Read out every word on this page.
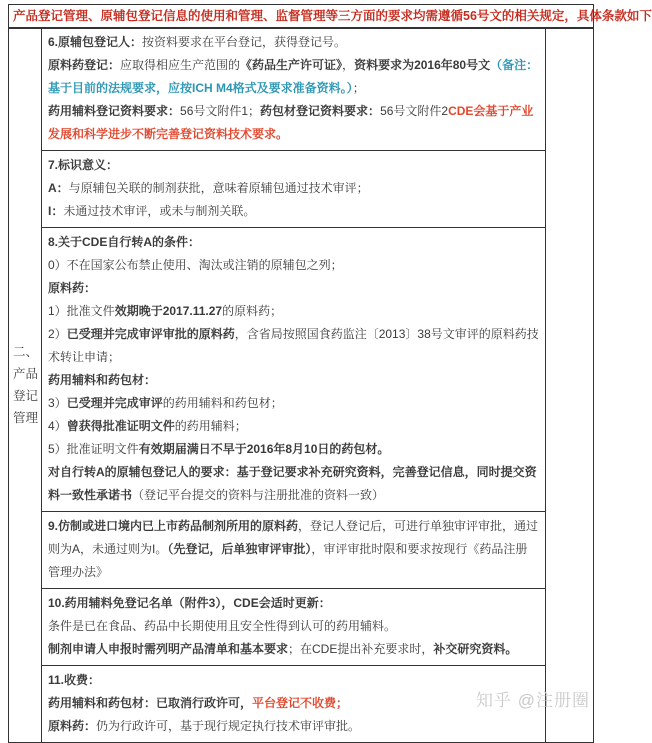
产品登记管理、原辅包登记信息的使用和管理、监督管理等三方面的要求均需遵循56号文的相关规定，具体条款如下
二 、
产 品
登 记
管 理

6.原辅包登记人：按资料要求在平台登记，获得登记号。

原料药登记：应取得相应生产范围的《药品生产许可证》，资料要求为2016年80号文（备注：基于目前的法规要求，应按ICH M4格式及要求准备资料。）；

药用辅料登记资料要求：56号文附件1；药包材登记资料要求：56号文附件2CDE会基于产业发展和科学进步不断完善登记资料技术要求。

7.标识意义：

A：与原辅包关联的制剂获批，意味着原辅包通过技术审评；

I：未通过技术审评，或未与制剂关联。

8.关于CDE自行转A的条件：

0）不在国家公布禁止使用、淘汰或注销的原辅包之列；

原料药：

1）批准文件效期晚于2017.11.27的原料药；

2）已受理并完成审评审批的原料药，含省局按照国食药监注〔2013〕38号文审评的原料药技术转让申请；

药用辅料和药包材：

3）已受理并完成审评的药用辅料和药包材；

4）曾获得批准证明文件的药用辅料；

5）批准证明文件有效期届满日不早于2016年8月10日的药包材。

对自行转A的原辅包登记人的要求：基于登记要求补充研究资料，完善登记信息，同时提交资料一致性承诺书（登记平台提交的资料与注册批准的资料一致）

9.仿制或进口境内已上市药品制剂所用的原料药，登记人登记后，可进行单独审评审批，通过则为A，未通过则为I。（先登记，后单独审评审批），审评审批时限和要求按现行《药品注册管理办法》

10.药用辅料免登记名单（附件3），CDE会适时更新：

条件是已在食品、药品中长期使用且安全性得到认可的药用辅料。

制剂申请人申报时需列明产品清单和基本要求；在CDE提出补充要求时，补交研究资料。

11.收费：

药用辅料和药包材：已取消行政许可，平台登记不收费；

原料药：仍为行政许可，基于现行规定执行技术审评审批。

知乎 @注册圈
